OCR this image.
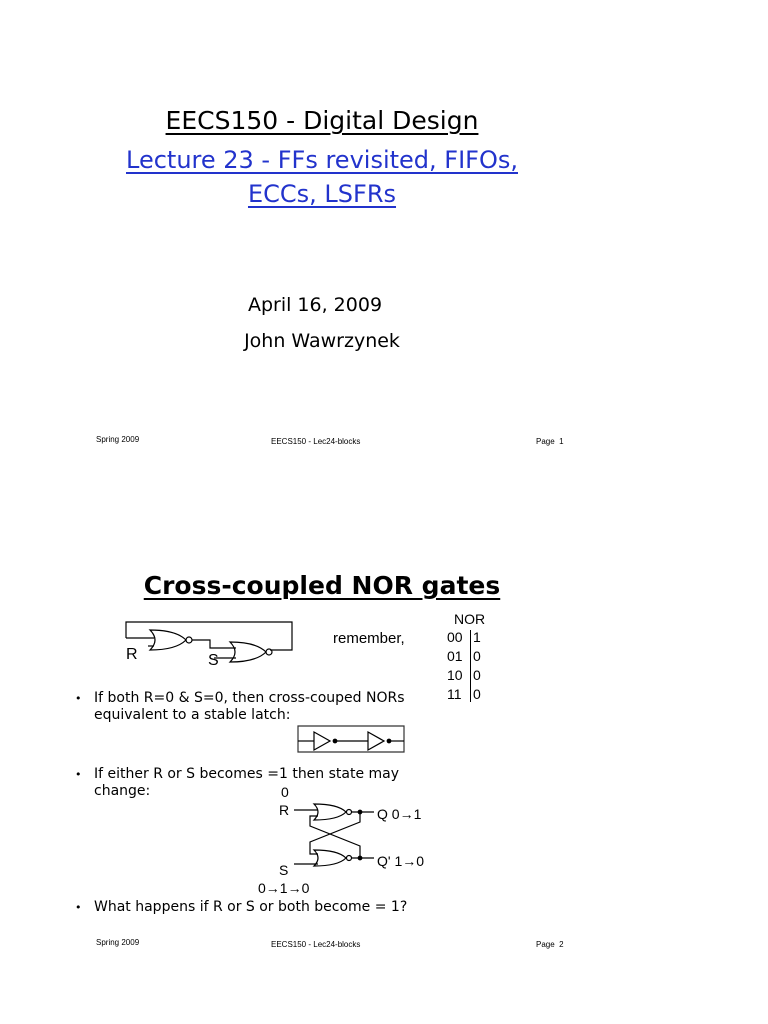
EECS150 - Digital Design
Lecture 23 - FFs revisited, FIFOs,
ECCs, LSFRs
April 16, 2009
John Wawrzynek
Spring 2009	EECS150 - Lec24-blocks	Page 1
Cross-coupled NOR gates
R	S
remember,
NOR
00 1
01 0
10 0
11 0
• If both R=0 & S=0, then cross-couped NORs equivalent to a stable latch:
• If either R or S becomes =1 then state may change:	0
R	Q 0→1
Q' 1→0
S
0→1→0
• What happens if R or S or both become = 1?
Spring 2009	EECS150 - Lec24-blocks	Page 2
